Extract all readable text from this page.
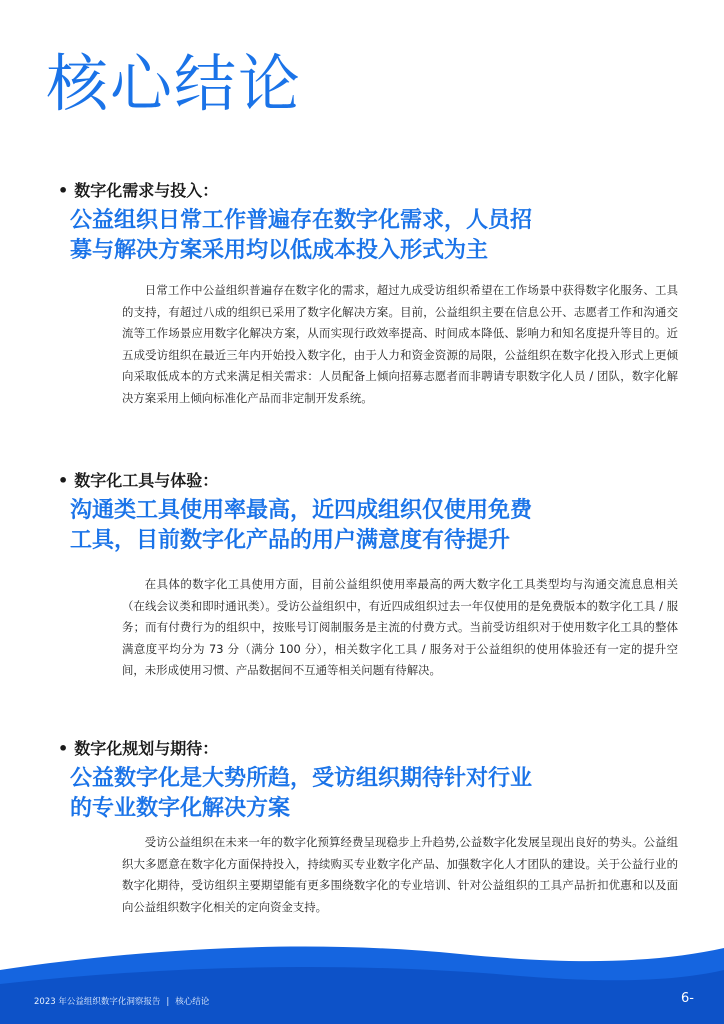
核心结论
• 数字化需求与投入：
公益组织日常工作普遍存在数字化需求，人员招募与解决方案采用均以低成本投入形式为主

日常工作中公益组织普遍存在数字化的需求，超过九成受访组织希望在工作场景中获得数字化服务、工具的支持，有超过八成的组织已采用了数字化解决方案。目前，公益组织主要在信息公开、志愿者工作和沟通交流等工作场景应用数字化解决方案，从而实现行政效率提高、时间成本降低、影响力和知名度提升等目的。近五成受访组织在最近三年内开始投入数字化，由于人力和资金资源的局限，公益组织在数字化投入形式上更倾向采取低成本的方式来满足相关需求：人员配备上倾向招募志愿者而非聘请专职数字化人员 / 团队，数字化解决方案采用上倾向标准化产品而非定制开发系统。

• 数字化工具与体验：
沟通类工具使用率最高，近四成组织仅使用免费工具，目前数字化产品的用户满意度有待提升

在具体的数字化工具使用方面，目前公益组织使用率最高的两大数字化工具类型均与沟通交流息息相关（在线会议类和即时通讯类）。受访公益组织中，有近四成组织过去一年仅使用的是免费版本的数字化工具 / 服务；而有付费行为的组织中，按账号订阅制服务是主流的付费方式。当前受访组织对于使用数字化工具的整体满意度平均分为 73 分（满分 100 分），相关数字化工具 / 服务对于公益组织的使用体验还有一定的提升空间，未形成使用习惯、产品数据间不互通等相关问题有待解决。

• 数字化规划与期待：
公益数字化是大势所趋，受访组织期待针对行业的专业数字化解决方案

受访公益组织在未来一年的数字化预算经费呈现稳步上升趋势,公益数字化发展呈现出良好的势头。公益组织大多愿意在数字化方面保持投入，持续购买专业数字化产品、加强数字化人才团队的建设。关于公益行业的数字化期待，受访组织主要期望能有更多围绕数字化的专业培训、针对公益组织的工具产品折扣优惠和以及面向公益组织数字化相关的定向资金支持。

2023 年公益组织数字化洞察报告 | 核心结论	6-
